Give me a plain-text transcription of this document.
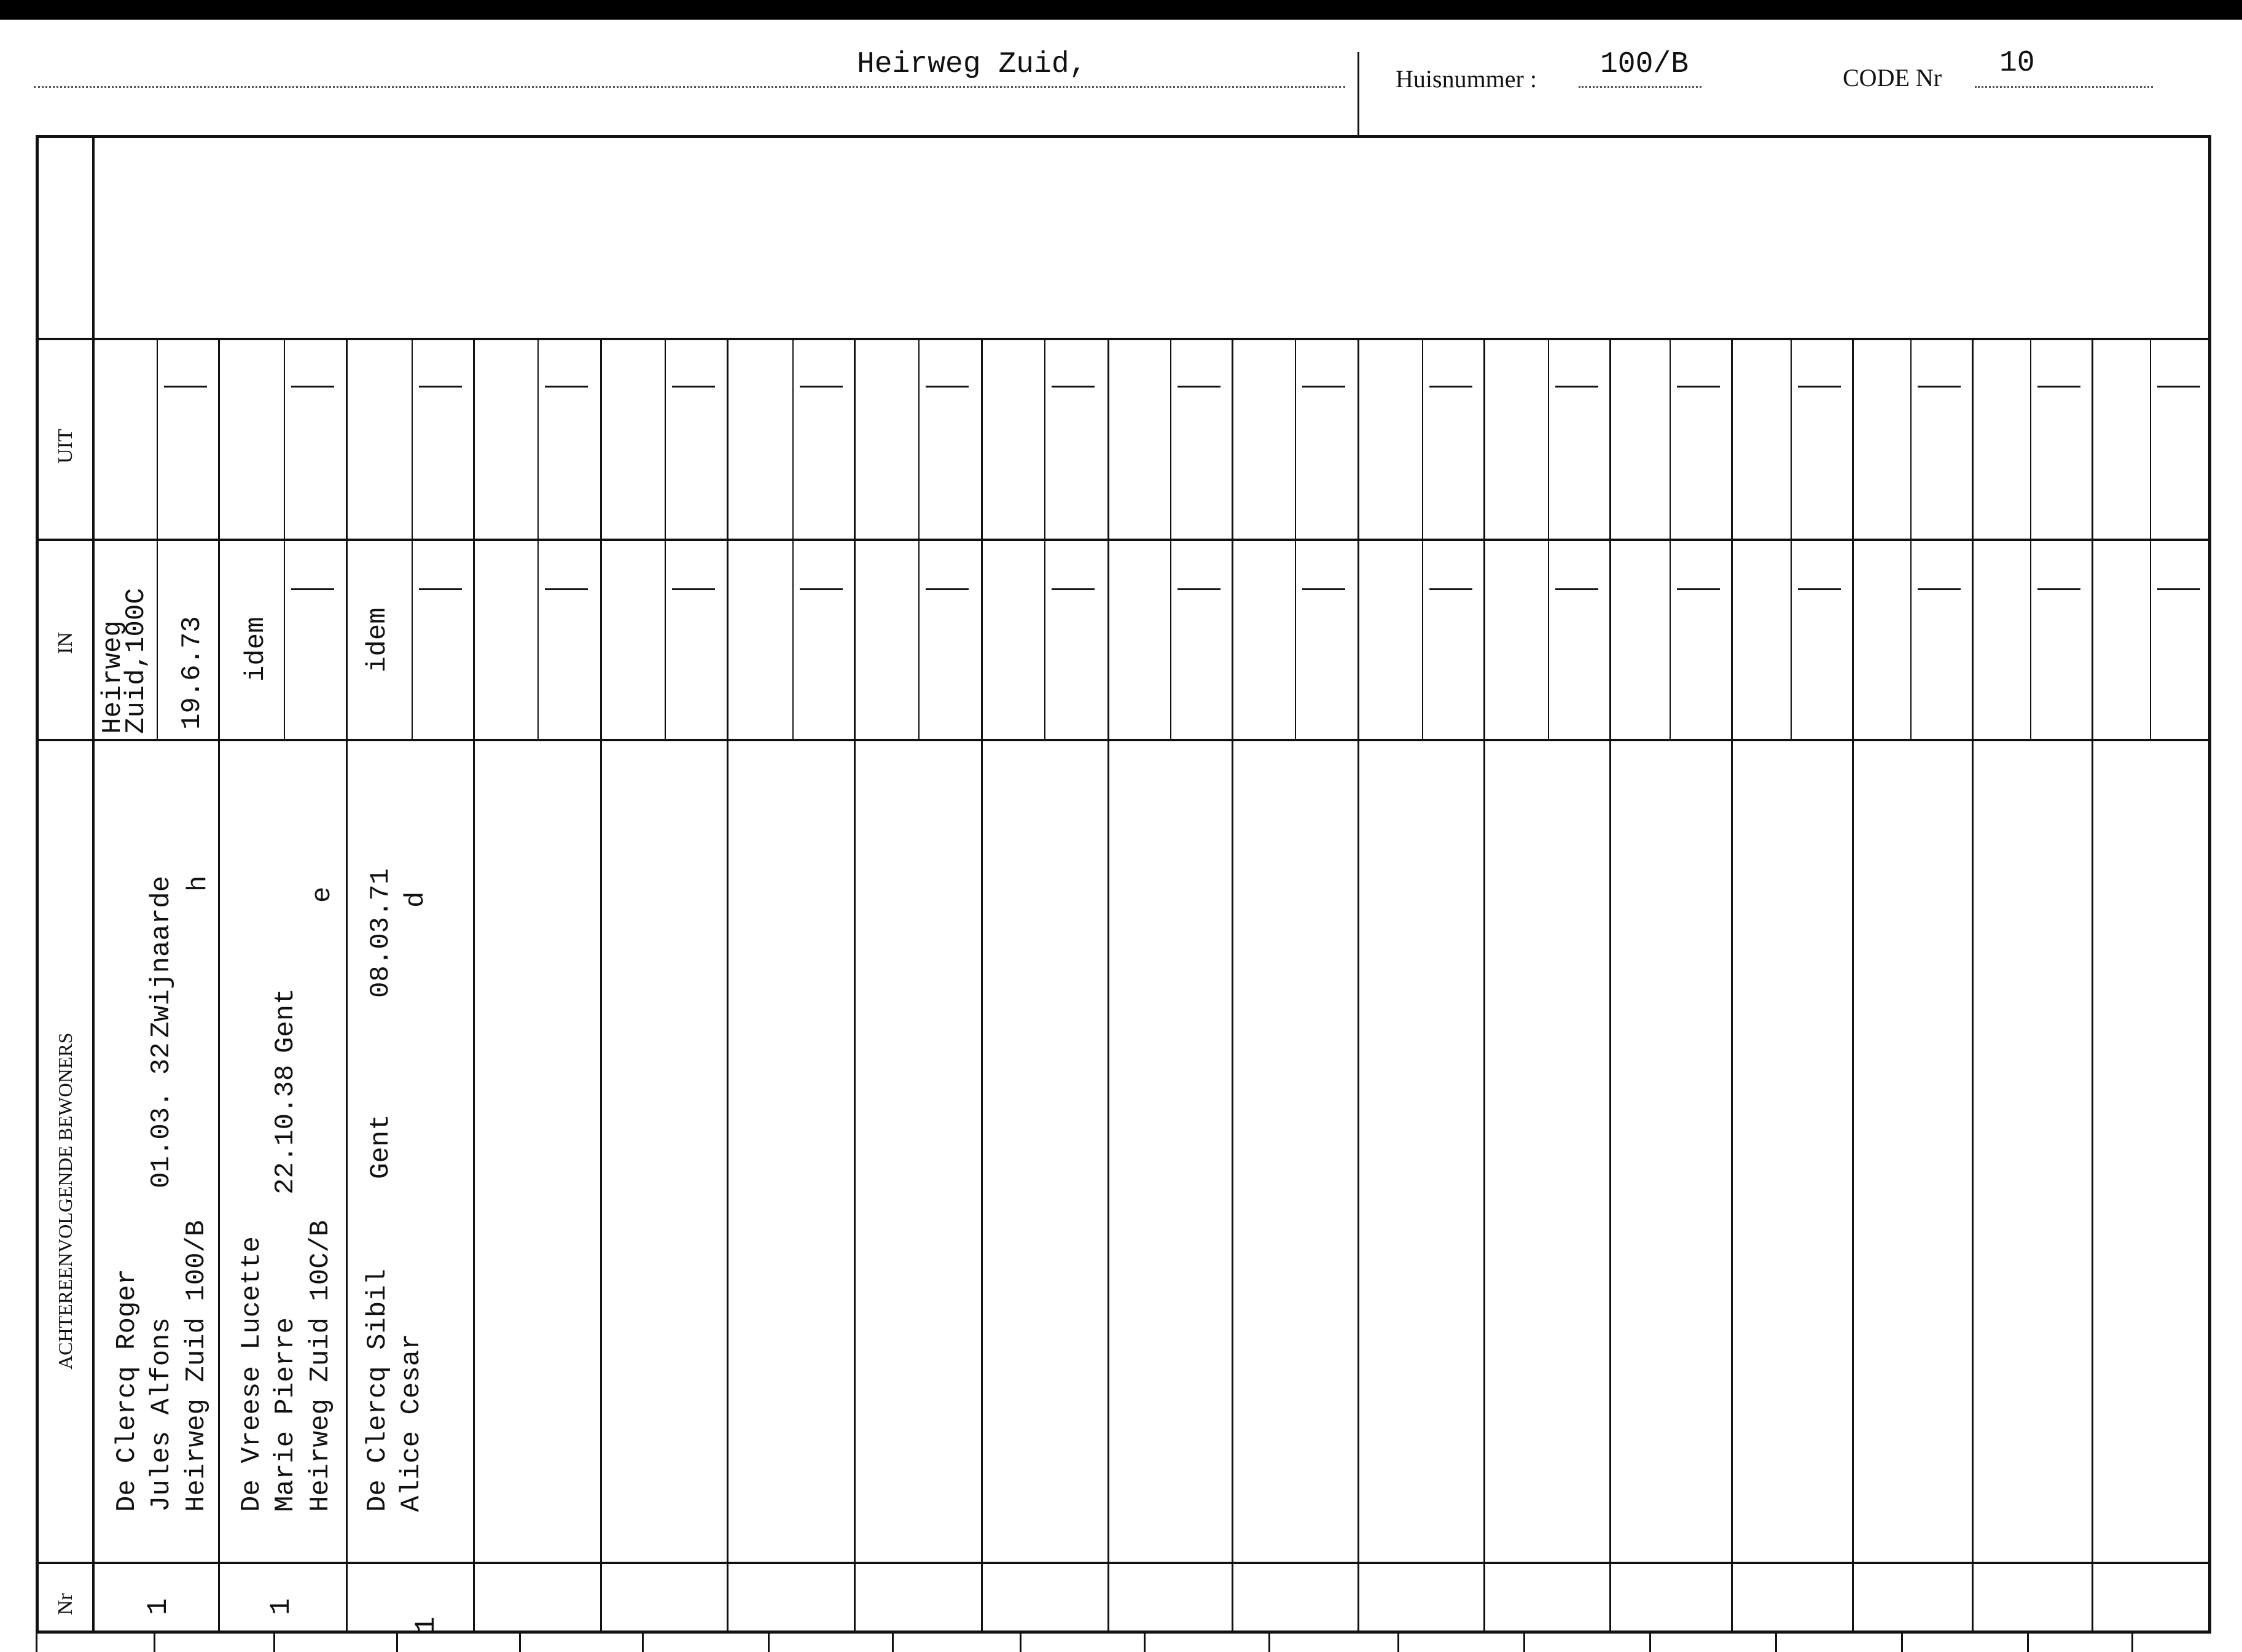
Heirweg Zuid,	Huisnummer : 100/B	CODE Nr 10
UIT
IN
ACHTEREENVOLGENDE BEWONERS
Nr
De Clercq Roger Jules Alfons Heirweg Zuid 100/B
01.03. 32
Zwijnaarde h
Heirweg
Zuid,100C 19.6.73
1
De Vreese Lucette Marie Pierre Heirweg Zuid 10C/B
22.10.38
Gent
e
idem
1
De Clercq Sibil Alice Cesar
Gent
08.03.71 d
idem
1
